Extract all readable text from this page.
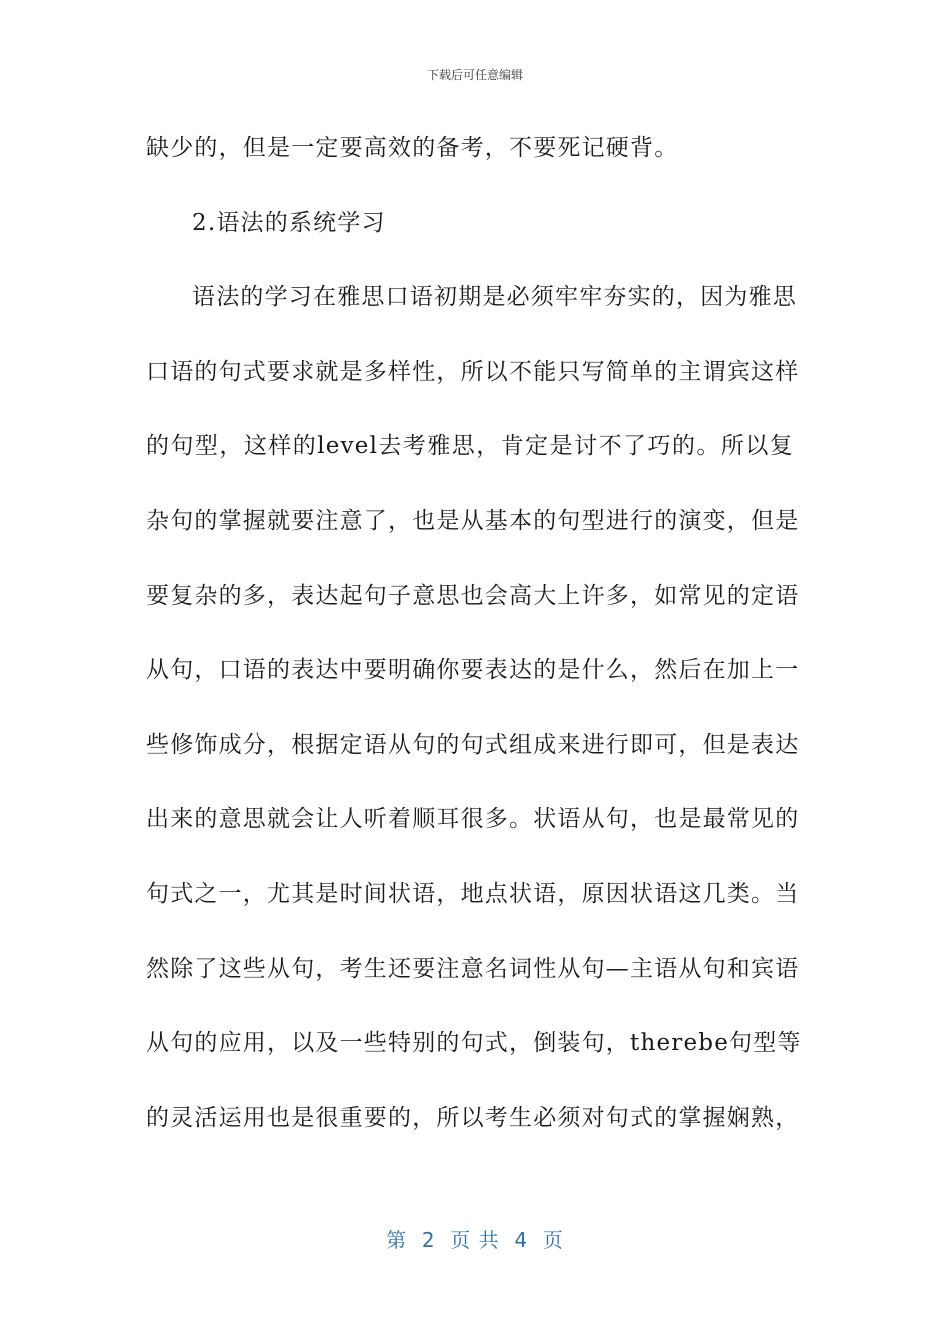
下载后可任意编辑
缺少的，但是一定要高效的备考，不要死记硬背。
2.语法的系统学习
语法的学习在雅思口语初期是必须牢牢夯实的，因为雅思
口语的句式要求就是多样性，所以不能只写简单的主谓宾这样
的句型，这样的level去考雅思，肯定是讨不了巧的。所以复
杂句的掌握就要注意了，也是从基本的句型进行的演变，但是
要复杂的多，表达起句子意思也会高大上许多，如常见的定语
从句，口语的表达中要明确你要表达的是什么，然后在加上一
些修饰成分，根据定语从句的句式组成来进行即可，但是表达
出来的意思就会让人听着顺耳很多。状语从句，也是最常见的
句式之一，尤其是时间状语，地点状语，原因状语这几类。当
然除了这些从句，考生还要注意名词性从句—主语从句和宾语
从句的应用，以及一些特别的句式，倒装句，therebe句型等
的灵活运用也是很重要的，所以考生必须对句式的掌握娴熟，
第  2  页 共  4  页
